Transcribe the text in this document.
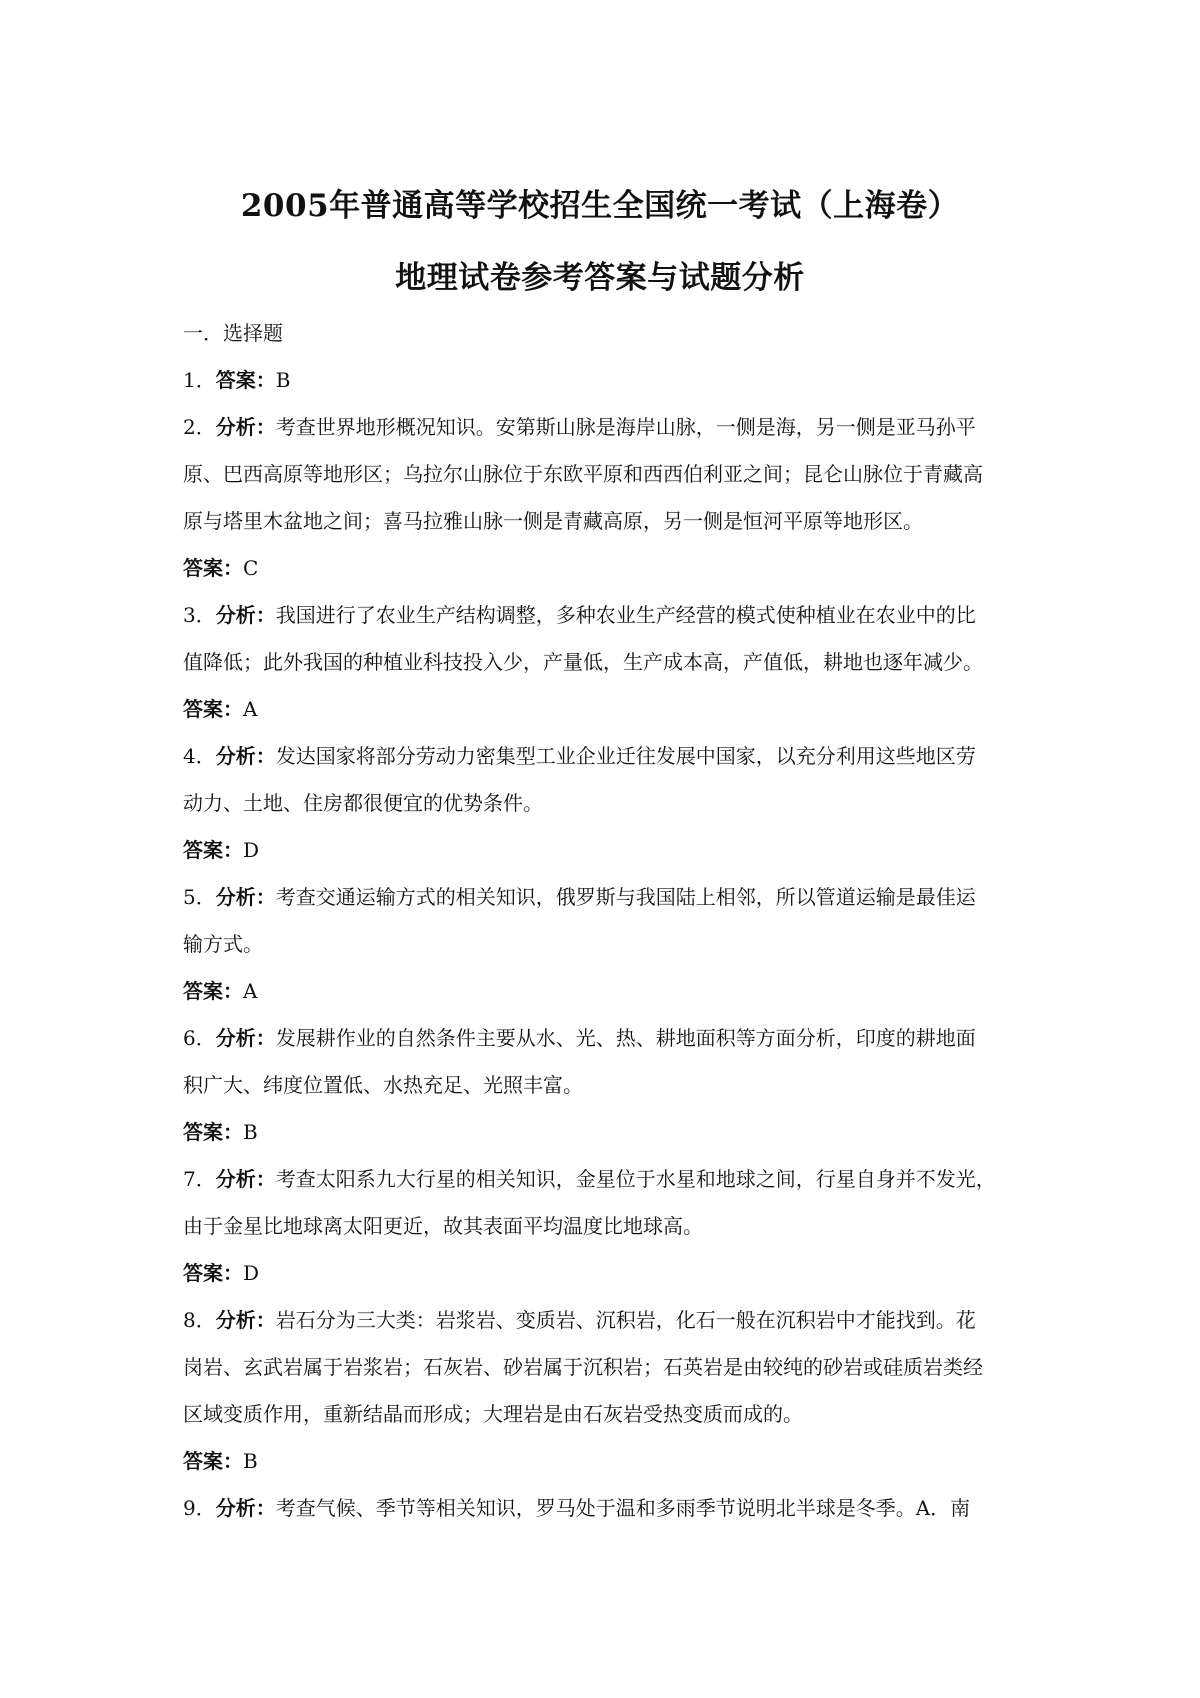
2005年普通高等学校招生全国统一考试（上海卷）
地理试卷参考答案与试题分析
一．选择题
1． 答案： B
2． 分析： 考查世界地形概况知识。安第斯山脉是海岸山脉，一侧是海，另一侧是亚马孙平
原、巴西高原等地形区；乌拉尔山脉位于东欧平原和西西伯利亚之间；昆仑山脉位于青藏高
原与塔里木盆地之间；喜马拉雅山脉一侧是青藏高原，另一侧是恒河平原等地形区。
答案： C
3． 分析： 我国进行了农业生产结构调整，多种农业生产经营的模式使种植业在农业中的比
值降低；此外我国的种植业科技投入少，产量低，生产成本高，产值低，耕地也逐年减少。
答案： A
4． 分析： 发达国家将部分劳动力密集型工业企业迁往发展中国家，以充分利用这些地区劳
动力、土地、住房都很便宜的优势条件。
答案： D
5． 分析： 考查交通运输方式的相关知识，俄罗斯与我国陆上相邻，所以管道运输是最佳运
输方式。
答案： A
6． 分析： 发展耕作业的自然条件主要从水、光、热、耕地面积等方面分析，印度的耕地面
积广大、纬度位置低、水热充足、光照丰富。
答案： B
7． 分析： 考查太阳系九大行星的相关知识，金星位于水星和地球之间，行星自身并不发光，
由于金星比地球离太阳更近，故其表面平均温度比地球高。
答案： D
8． 分析： 岩石分为三大类：岩浆岩、变质岩、沉积岩，化石一般在沉积岩中才能找到。花
岗岩、玄武岩属于岩浆岩；石灰岩、砂岩属于沉积岩；石英岩是由较纯的砂岩或硅质岩类经
区域变质作用，重新结晶而形成；大理岩是由石灰岩受热变质而成的。
答案： B
9． 分析： 考查气候、季节等相关知识，罗马处于温和多雨季节说明北半球是冬季。A．南
